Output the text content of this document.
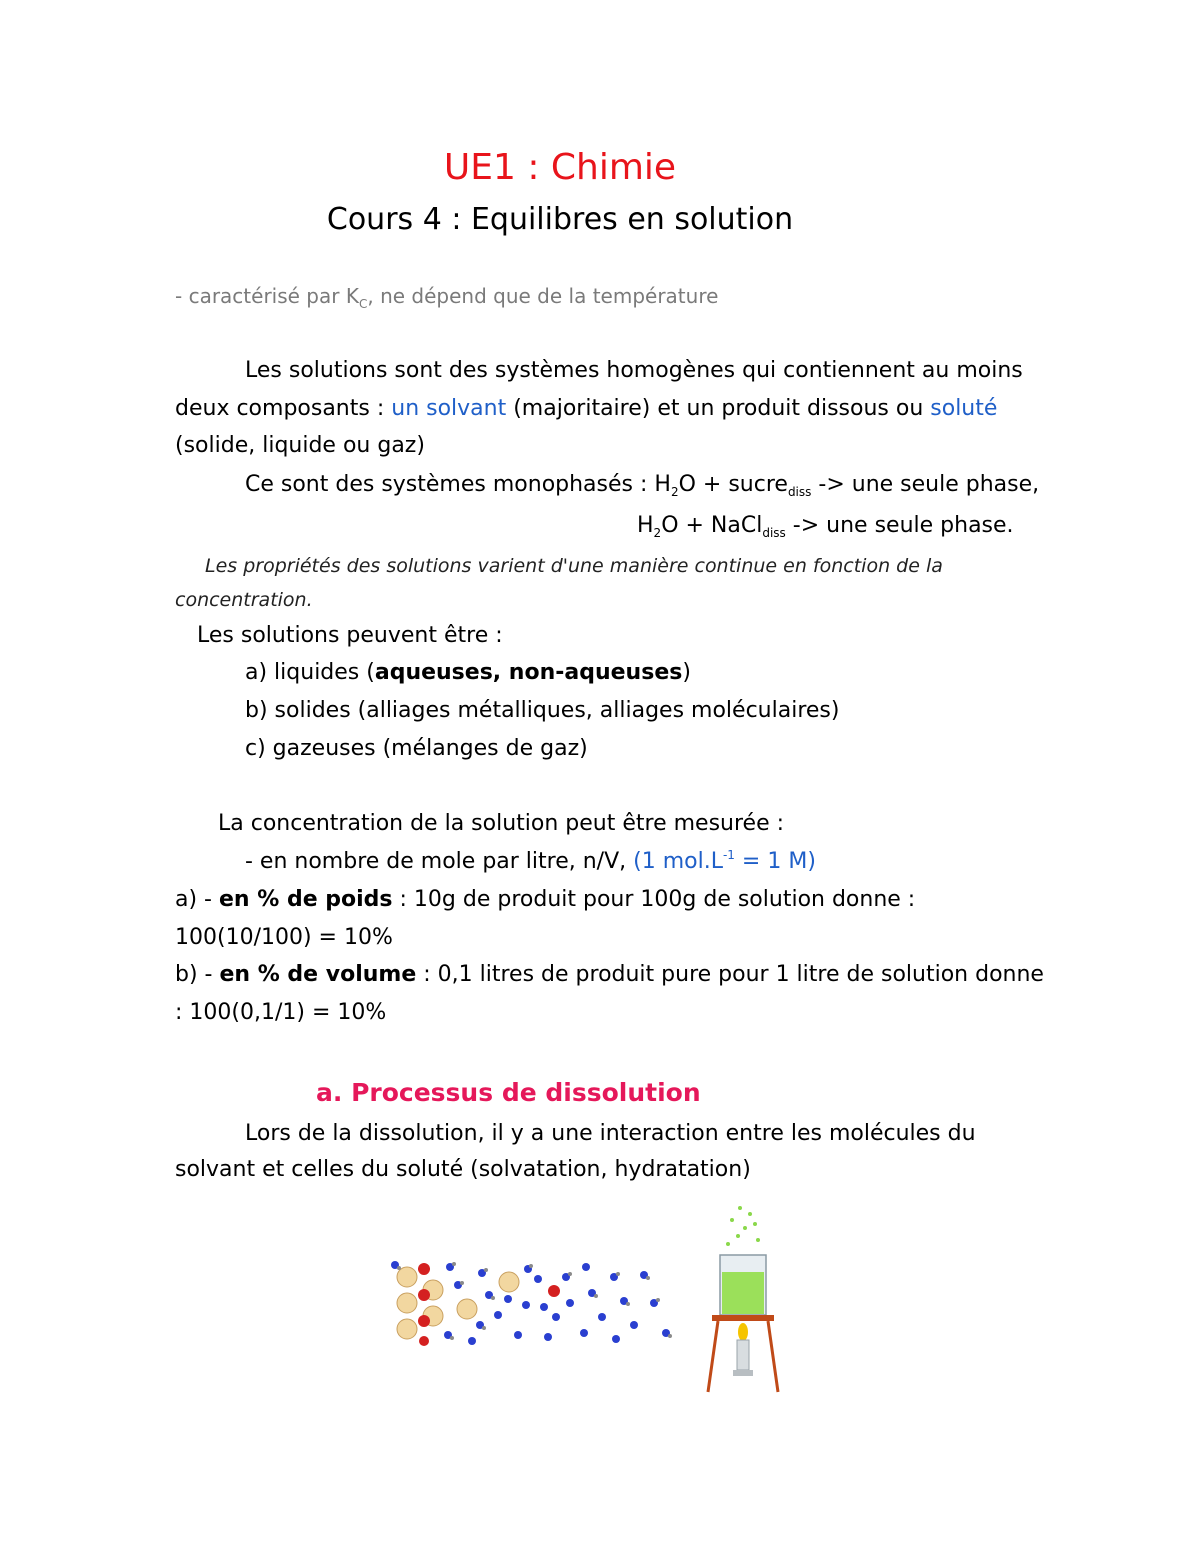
UE1 : Chimie
Cours 4 : Equilibres en solution
- caractérisé par $K_C$, ne dépend que de la température
Les solutions sont des systèmes homogènes qui contiennent au moins
deux composants : un solvant (majoritaire) et un produit dissous ou soluté
(solide, liquide ou gaz)
Ce sont des systèmes monophasés : $H_2O$ + sucre$_{diss}$ -> une seule phase,
$H_2O$ + NaCl$_{diss}$ -> une seule phase.
Les propriétés des solutions varient d'une manière continue en fonction de la
concentration.
Les solutions peuvent être :
a) liquides (aqueuses, non-aqueuses)
b) solides (alliages métalliques, alliages moléculaires)
c) gazeuses (mélanges de gaz)
La concentration de la solution peut être mesurée :
- en nombre de mole par litre, n/V, (1 $mol.L^{-1} = 1$ M)
a) - en % de poids : 10g de produit pour 100g de solution donne :
100(10/100) = 10%
b) - en % de volume : 0,1 litres de produit pure pour 1 litre de solution donne
: 100(0,1/1) = 10%
a. Processus de dissolution
Lors de la dissolution, il y a une interaction entre les molécules du
solvant et celles du soluté (solvatation, hydratation)
